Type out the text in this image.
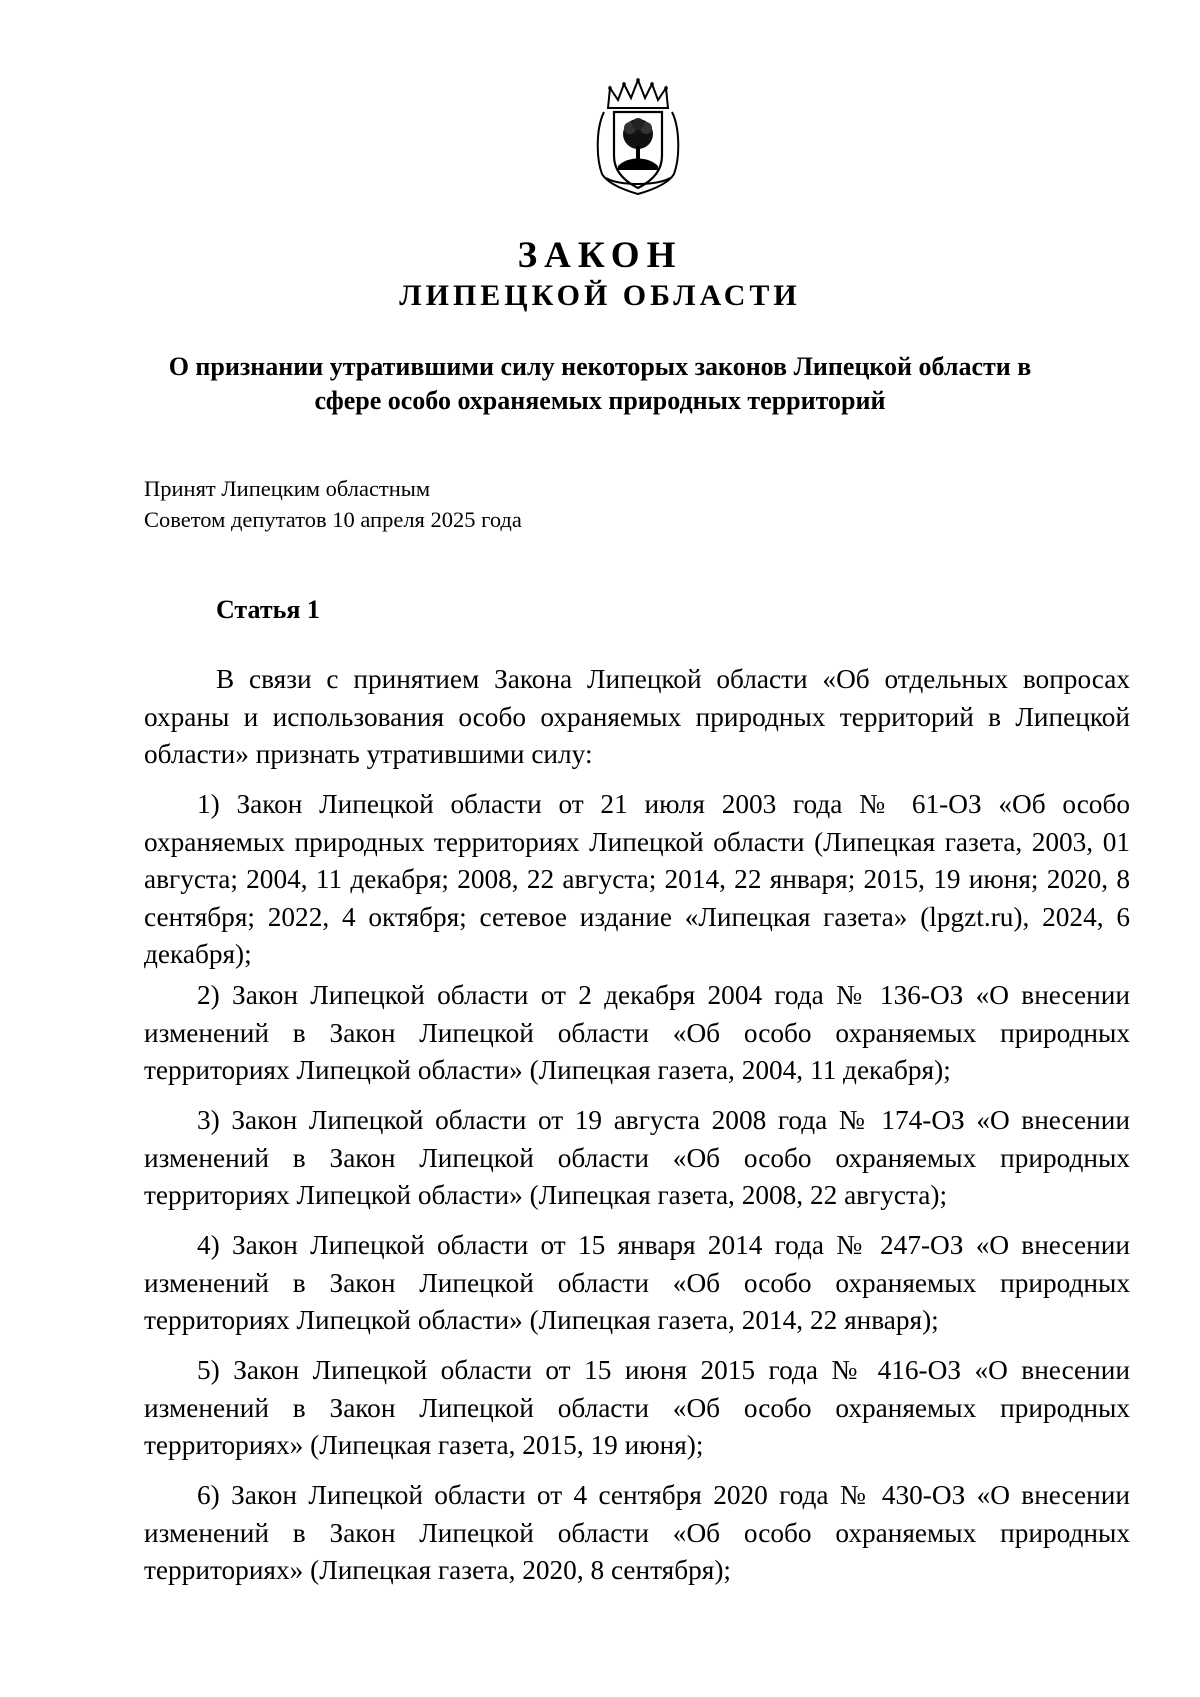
ЗАКОН
ЛИПЕЦКОЙ ОБЛАСТИ
О признании утратившими силу некоторых законов Липецкой области в сфере особо охраняемых природных территорий
Принят Липецким областным
Советом депутатов 10 апреля 2025 года
Статья 1
В связи с принятием Закона Липецкой области «Об отдельных вопросах охраны и использования особо охраняемых природных территорий в Липецкой области» признать утратившими силу:
1) Закон Липецкой области от 21 июля 2003 года № 61-ОЗ «Об особо охраняемых природных территориях Липецкой области (Липецкая газета, 2003, 01 августа; 2004, 11 декабря; 2008, 22 августа; 2014, 22 января; 2015, 19 июня; 2020, 8 сентября; 2022, 4 октября; сетевое издание «Липецкая газета» (lpgzt.ru), 2024, 6 декабря);
2) Закон Липецкой области от 2 декабря 2004 года № 136-ОЗ «О внесении изменений в Закон Липецкой области «Об особо охраняемых природных территориях Липецкой области» (Липецкая газета, 2004, 11 декабря);
3) Закон Липецкой области от 19 августа 2008 года № 174-ОЗ «О внесении изменений в Закон Липецкой области «Об особо охраняемых природных территориях Липецкой области» (Липецкая газета, 2008, 22 августа);
4) Закон Липецкой области от 15 января 2014 года № 247-ОЗ «О внесении изменений в Закон Липецкой области «Об особо охраняемых природных территориях Липецкой области» (Липецкая газета, 2014, 22 января);
5) Закон Липецкой области от 15 июня 2015 года № 416-ОЗ «О внесении изменений в Закон Липецкой области «Об особо охраняемых природных территориях» (Липецкая газета, 2015, 19 июня);
6) Закон Липецкой области от 4 сентября 2020 года № 430-ОЗ «О внесении изменений в Закон Липецкой области «Об особо охраняемых природных территориях» (Липецкая газета, 2020, 8 сентября);
